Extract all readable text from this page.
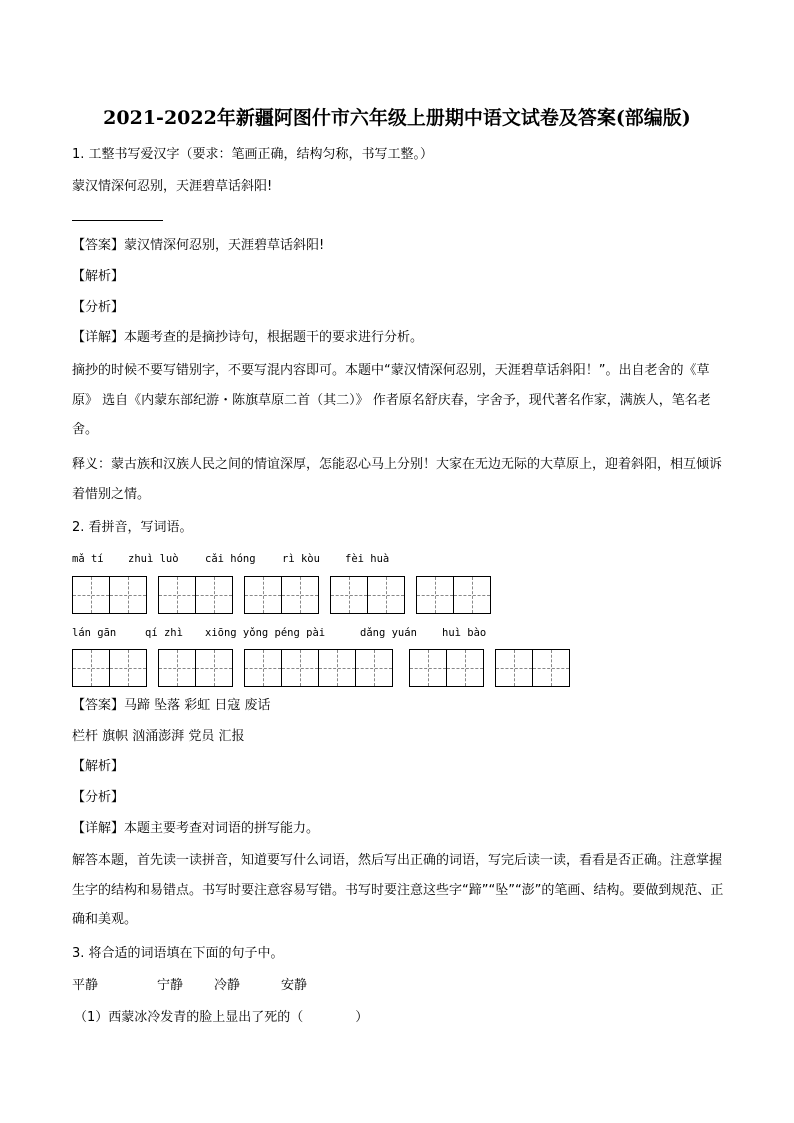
2021-2022年新疆阿图什市六年级上册期中语文试卷及答案(部编版)
1. 工整书写爱汉字（要求：笔画正确，结构匀称，书写工整。）
蒙汉情深何忍别，天涯碧草话斜阳!
【答案】蒙汉情深何忍别，天涯碧草话斜阳!
【解析】
【分析】
【详解】本题考查的是摘抄诗句，根据题干的要求进行分析。
摘抄的时候不要写错别字，不要写混内容即可。本题中“蒙汉情深何忍别，天涯碧草话斜阳！”。出自老舍的《草原》 选自《内蒙东部纪游・陈旗草原二首（其二）》 作者原名舒庆春，字舍予，现代著名作家，满族人，笔名老舍。
释义：蒙古族和汉族人民之间的情谊深厚，怎能忍心马上分别！大家在无边无际的大草原上，迎着斜阳，相互倾诉着惜别之情。
2. 看拼音，写词语。
mǎ tí zhuì luò	cǎi hóng	rì kòu fèi huà
lán gān	qí zhì xiōng yǒng péng pài	dǎng yuán huì bào
【答案】马蹄 坠落 彩虹 日寇 废话
栏杆 旗帜 汹涌澎湃 党员 汇报
【解析】
【分析】
【详解】本题主要考查对词语的拼写能力。
解答本题，首先读一读拼音，知道要写什么词语，然后写出正确的词语，写完后读一读，看看是否正确。注意掌握生字的结构和易错点。书写时要注意容易写错。书写时要注意这些字“蹄”“坠”“澎”的笔画、结构。要做到规范、正确和美观。
3. 将合适的词语填在下面的句子中。
平静	宁静 冷静	安静
（1）西蒙冰冷发青的脸上显出了死的（　　　　）
